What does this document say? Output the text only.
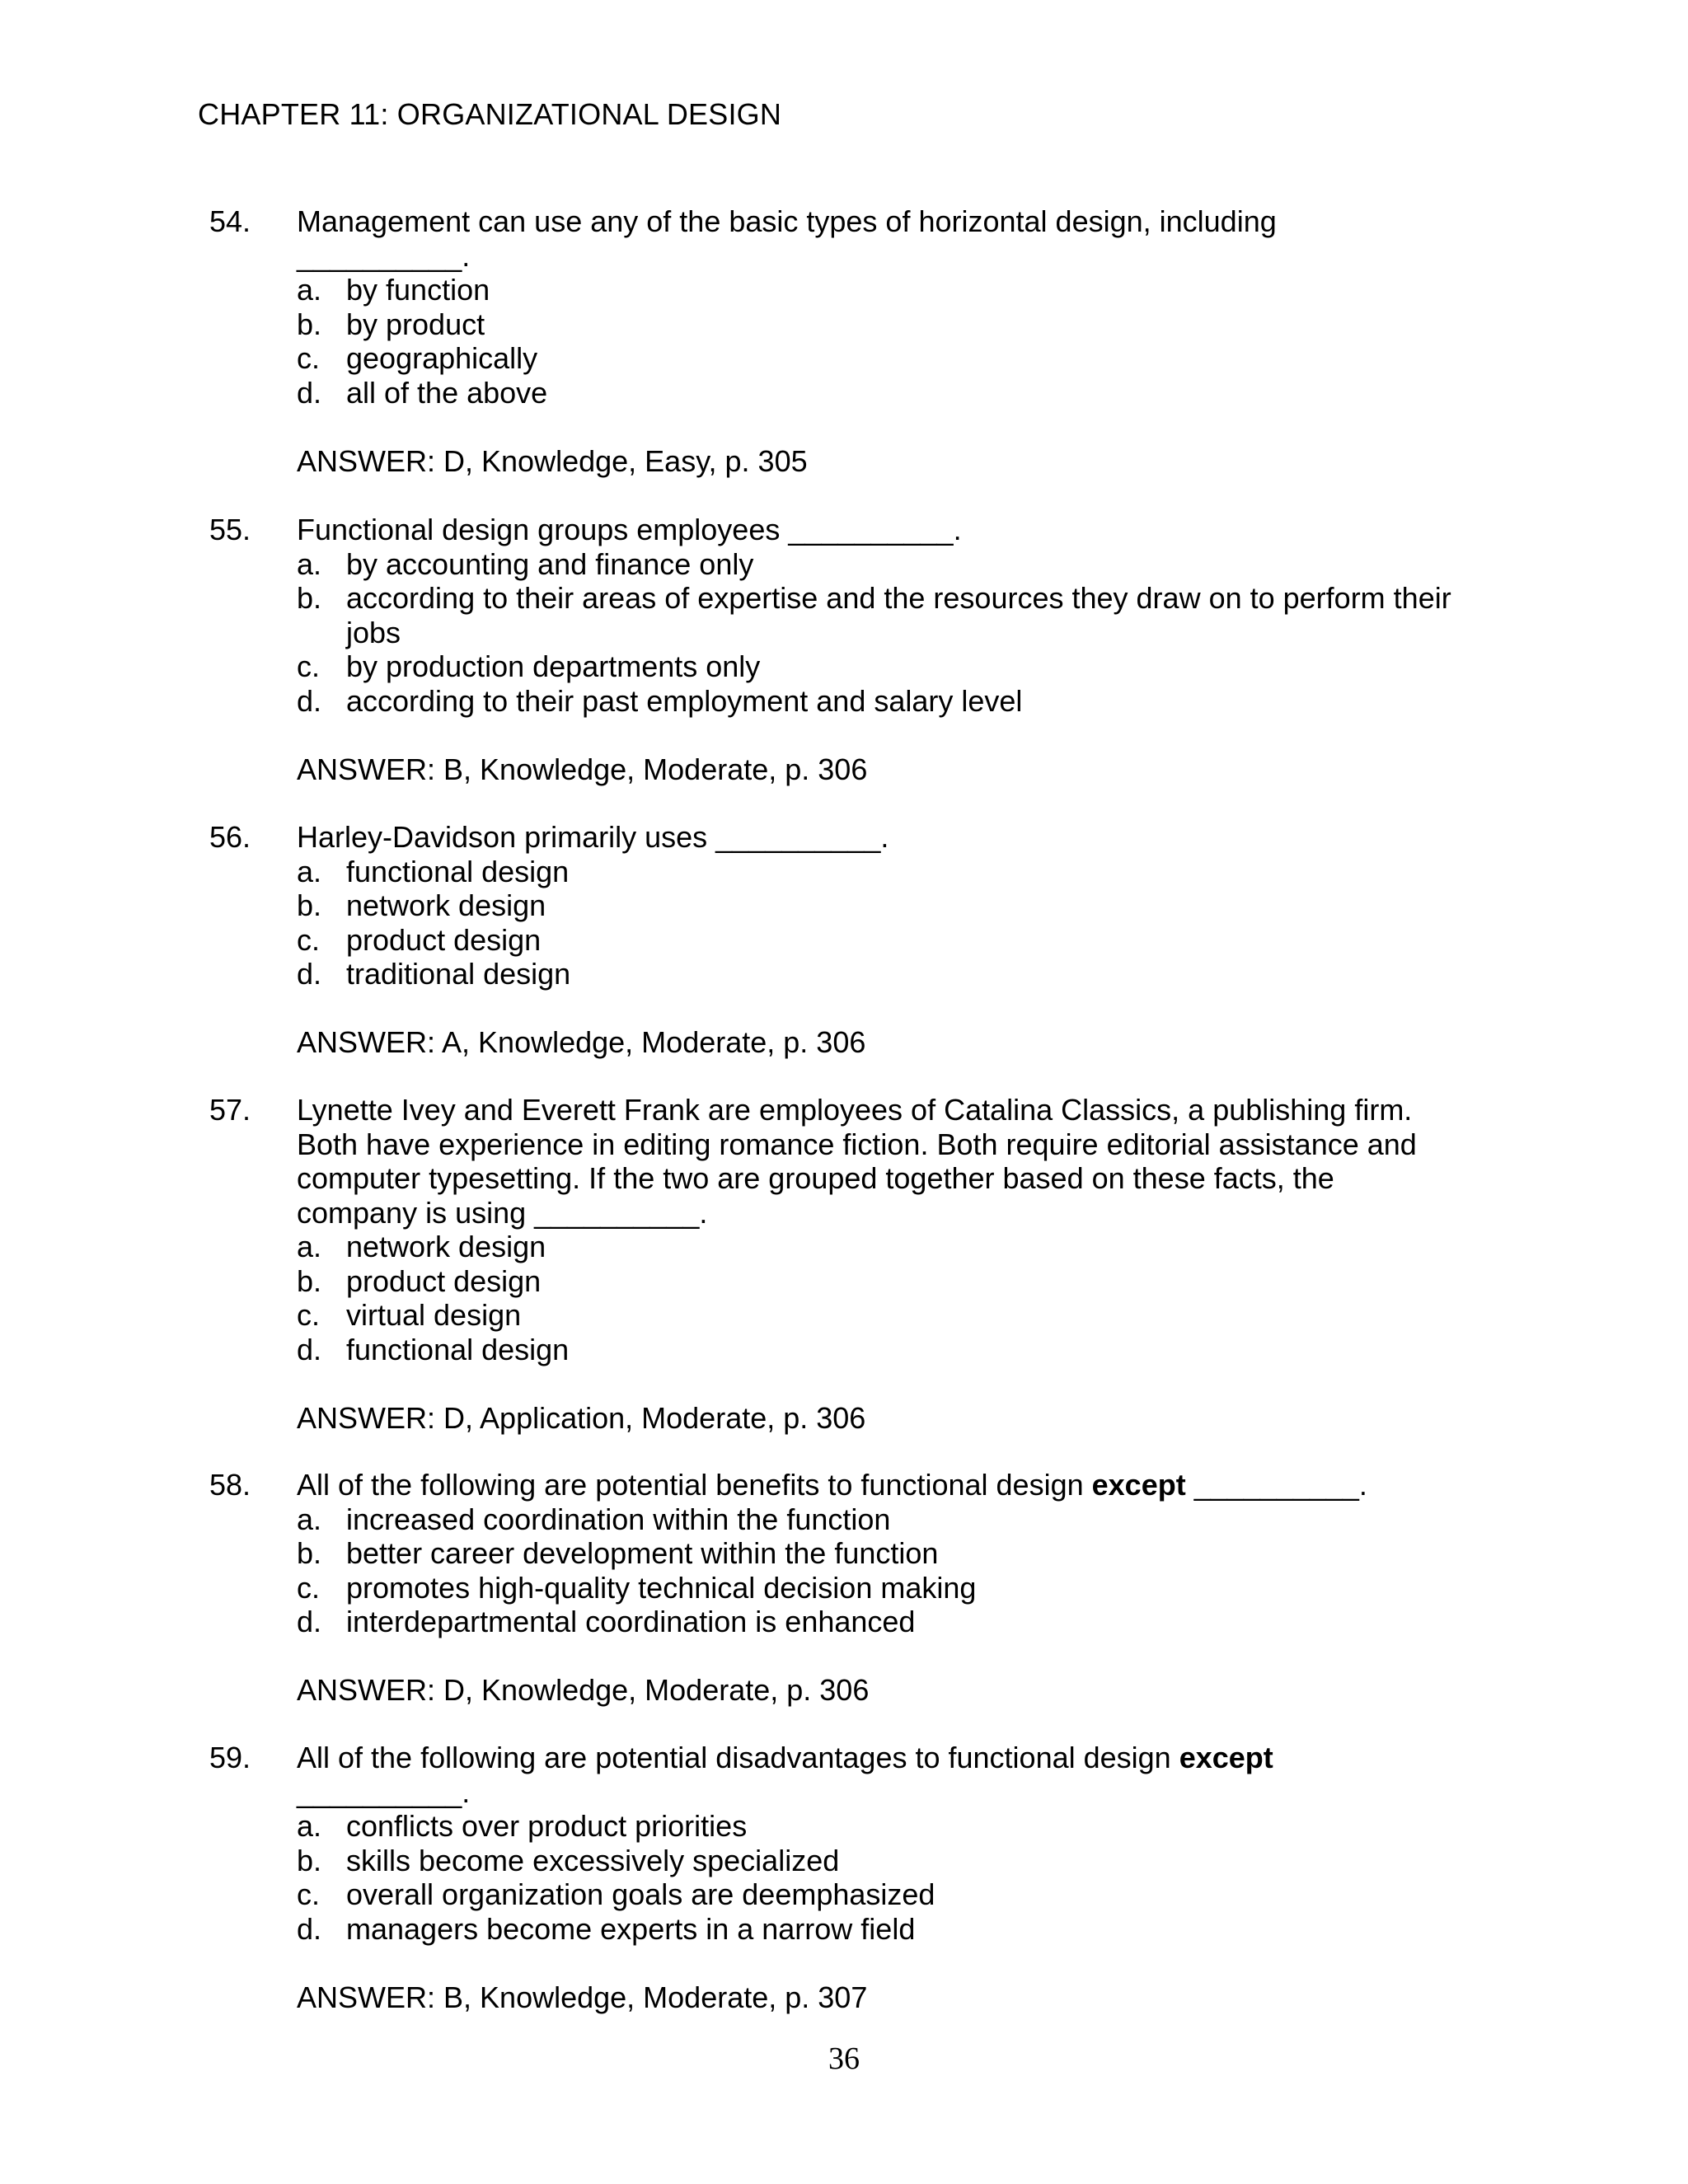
CHAPTER 11: ORGANIZATIONAL DESIGN
54. Management can use any of the basic types of horizontal design, including
__________.
a. by function
b. by product
c. geographically
d. all of the above
ANSWER: D, Knowledge, Easy, p. 305
55. Functional design groups employees __________.
a. by accounting and finance only
b. according to their areas of expertise and the resources they draw on to perform their
jobs
c. by production departments only
d. according to their past employment and salary level
ANSWER: B, Knowledge, Moderate, p. 306
56. Harley-Davidson primarily uses __________.
a. functional design
b. network design
c. product design
d. traditional design
ANSWER: A, Knowledge, Moderate, p. 306
57. Lynette Ivey and Everett Frank are employees of Catalina Classics, a publishing firm.
Both have experience in editing romance fiction. Both require editorial assistance and
computer typesetting. If the two are grouped together based on these facts, the
company is using __________.
a. network design
b. product design
c. virtual design
d. functional design
ANSWER: D, Application, Moderate, p. 306
58. All of the following are potential benefits to functional design except __________.
a. increased coordination within the function
b. better career development within the function
c. promotes high-quality technical decision making
d. interdepartmental coordination is enhanced
ANSWER: D, Knowledge, Moderate, p. 306
59. All of the following are potential disadvantages to functional design except
__________.
a. conflicts over product priorities
b. skills become excessively specialized
c. overall organization goals are deemphasized
d. managers become experts in a narrow field
ANSWER: B, Knowledge, Moderate, p. 307
36
